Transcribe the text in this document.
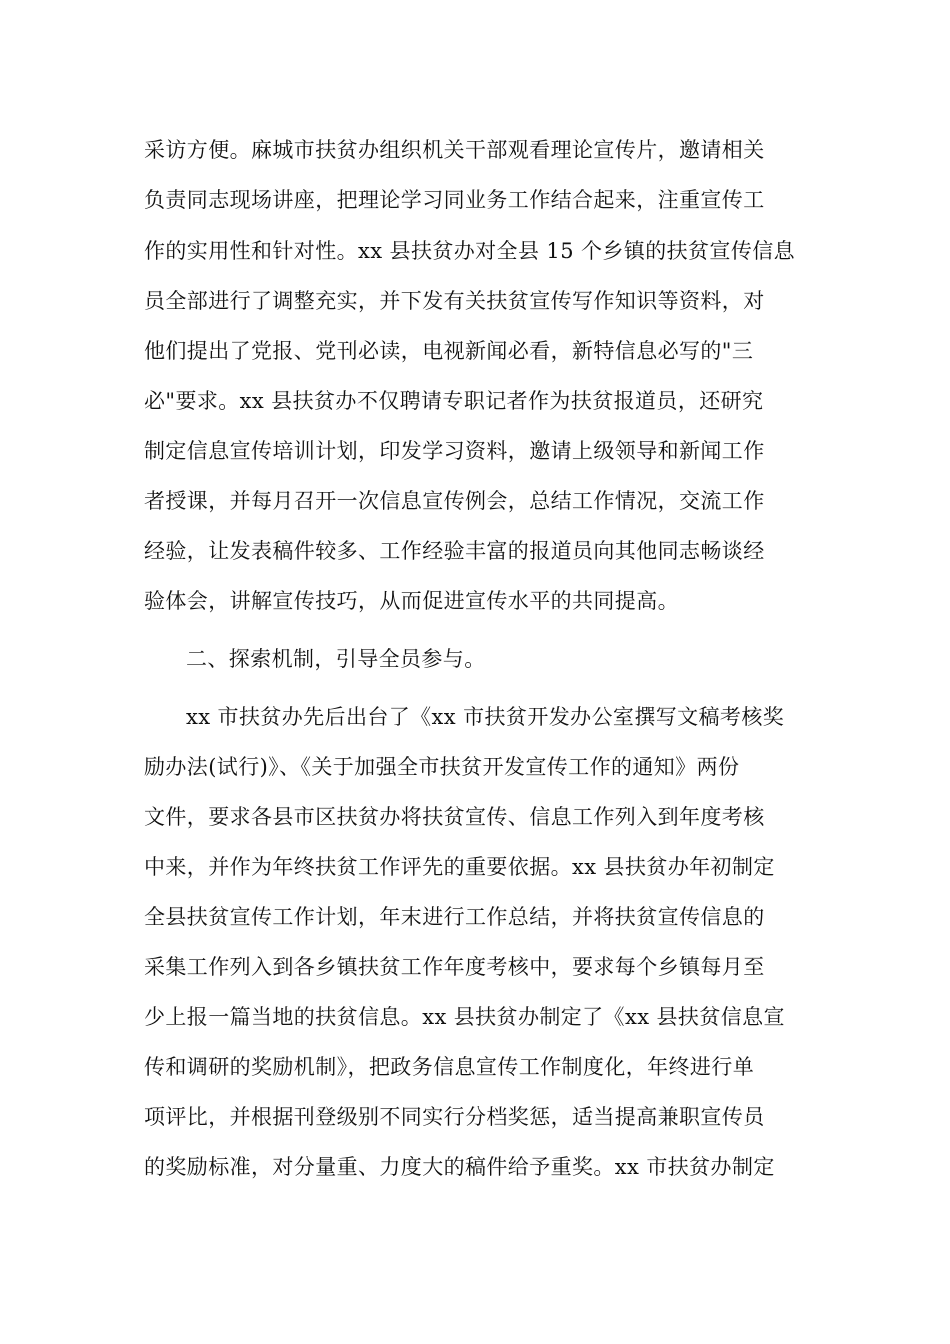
采访方便。麻城市扶贫办组织机关干部观看理论宣传片，邀请相关
负责同志现场讲座，把理论学习同业务工作结合起来，注重宣传工
作的实用性和针对性。xx 县扶贫办对全县 15 个乡镇的扶贫宣传信息
员全部进行了调整充实，并下发有关扶贫宣传写作知识等资料，对
他们提出了党报、党刊必读，电视新闻必看，新特信息必写的"三
必"要求。xx 县扶贫办不仅聘请专职记者作为扶贫报道员，还研究
制定信息宣传培训计划，印发学习资料，邀请上级领导和新闻工作
者授课，并每月召开一次信息宣传例会，总结工作情况，交流工作
经验，让发表稿件较多、工作经验丰富的报道员向其他同志畅谈经
验体会，讲解宣传技巧，从而促进宣传水平的共同提高。
二、探索机制，引导全员参与。
xx 市扶贫办先后出台了《xx 市扶贫开发办公室撰写文稿考核奖
励办法(试行)》、《关于加强全市扶贫开发宣传工作的通知》两份
文件，要求各县市区扶贫办将扶贫宣传、信息工作列入到年度考核
中来，并作为年终扶贫工作评先的重要依据。xx 县扶贫办年初制定
全县扶贫宣传工作计划，年末进行工作总结，并将扶贫宣传信息的
采集工作列入到各乡镇扶贫工作年度考核中，要求每个乡镇每月至
少上报一篇当地的扶贫信息。xx 县扶贫办制定了《xx 县扶贫信息宣
传和调研的奖励机制》，把政务信息宣传工作制度化，年终进行单
项评比，并根据刊登级别不同实行分档奖惩，适当提高兼职宣传员
的奖励标准，对分量重、力度大的稿件给予重奖。xx 市扶贫办制定
